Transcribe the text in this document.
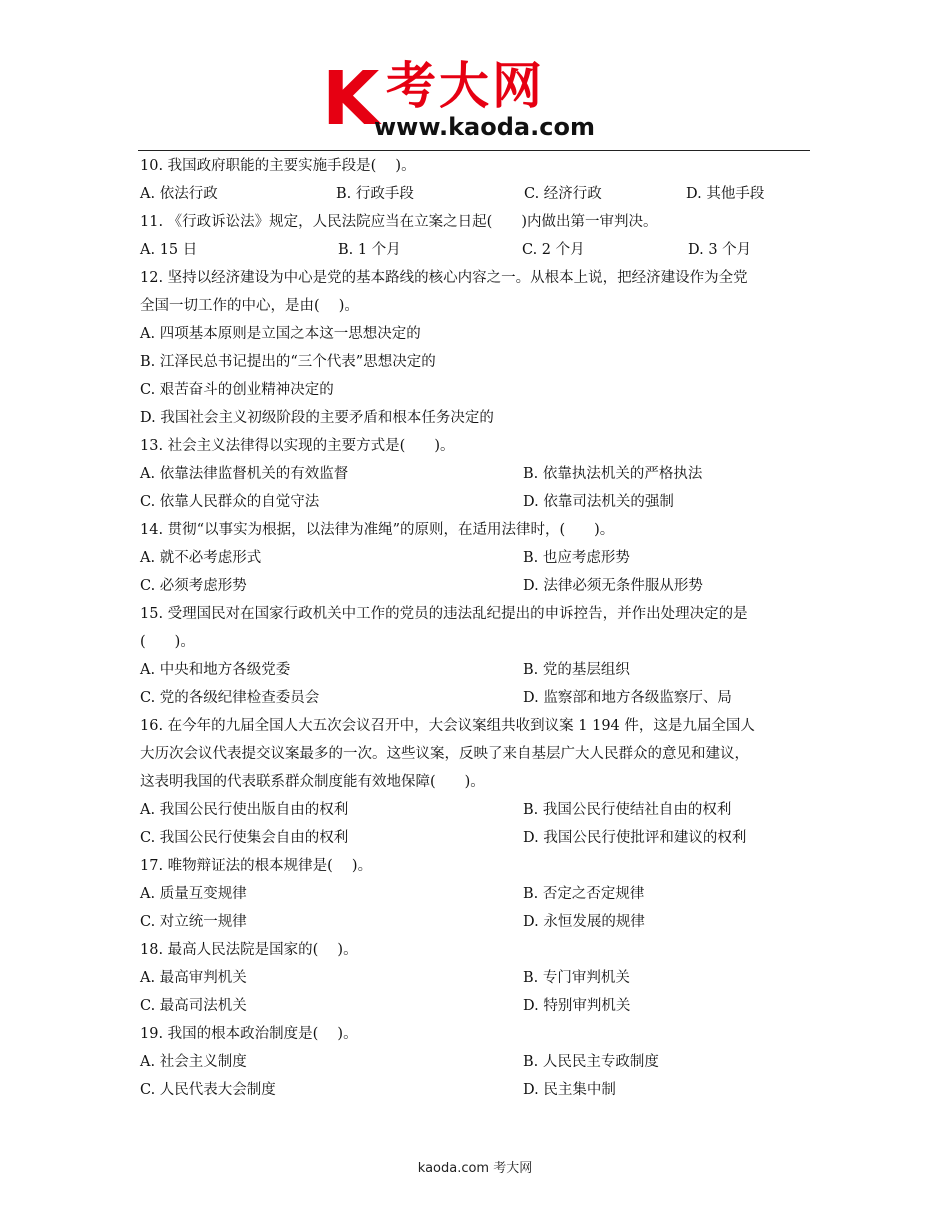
K 考大网
www.kaoda.com
10. 我国政府职能的主要实施手段是(　 )。
A. 依法行政	B. 行政手段	C. 经济行政	D. 其他手段
11. 《行政诉讼法》规定，人民法院应当在立案之日起(　　)内做出第一审判决。
A. 15 日	B. 1 个月	C. 2 个月	D. 3 个月
12. 坚持以经济建设为中心是党的基本路线的核心内容之一。从根本上说，把经济建设作为全党
全国一切工作的中心，是由(　 )。
A. 四项基本原则是立国之本这一思想决定的
B. 江泽民总书记提出的“三个代表”思想决定的
C. 艰苦奋斗的创业精神决定的
D. 我国社会主义初级阶段的主要矛盾和根本任务决定的
13. 社会主义法律得以实现的主要方式是(　　)。
A. 依靠法律监督机关的有效监督	B. 依靠执法机关的严格执法
C. 依靠人民群众的自觉守法	D. 依靠司法机关的强制
14. 贯彻“以事实为根据，以法律为准绳”的原则，在适用法律时，(　　)。
A. 就不必考虑形式	B. 也应考虑形势
C. 必须考虑形势	D. 法律必须无条件服从形势
15. 受理国民对在国家行政机关中工作的党员的违法乱纪提出的申诉控告，并作出处理决定的是
(　　)。
A. 中央和地方各级党委	B. 党的基层组织
C. 党的各级纪律检查委员会	D. 监察部和地方各级监察厅、局
16. 在今年的九届全国人大五次会议召开中，大会议案组共收到议案 1 194 件，这是九届全国人
大历次会议代表提交议案最多的一次。这些议案，反映了来自基层广大人民群众的意见和建议，
这表明我国的代表联系群众制度能有效地保障(　　)。
A. 我国公民行使出版自由的权利	B. 我国公民行使结社自由的权利
C. 我国公民行使集会自由的权利	D. 我国公民行使批评和建议的权利
17. 唯物辩证法的根本规律是(　 )。
A. 质量互变规律	B. 否定之否定规律
C. 对立统一规律	D. 永恒发展的规律
18. 最高人民法院是国家的(　 )。
A. 最高审判机关	B. 专门审判机关
C. 最高司法机关	D. 特别审判机关
19. 我国的根本政治制度是(　 )。
A. 社会主义制度	B. 人民民主专政制度
C. 人民代表大会制度	D. 民主集中制
kaoda.com 考大网
